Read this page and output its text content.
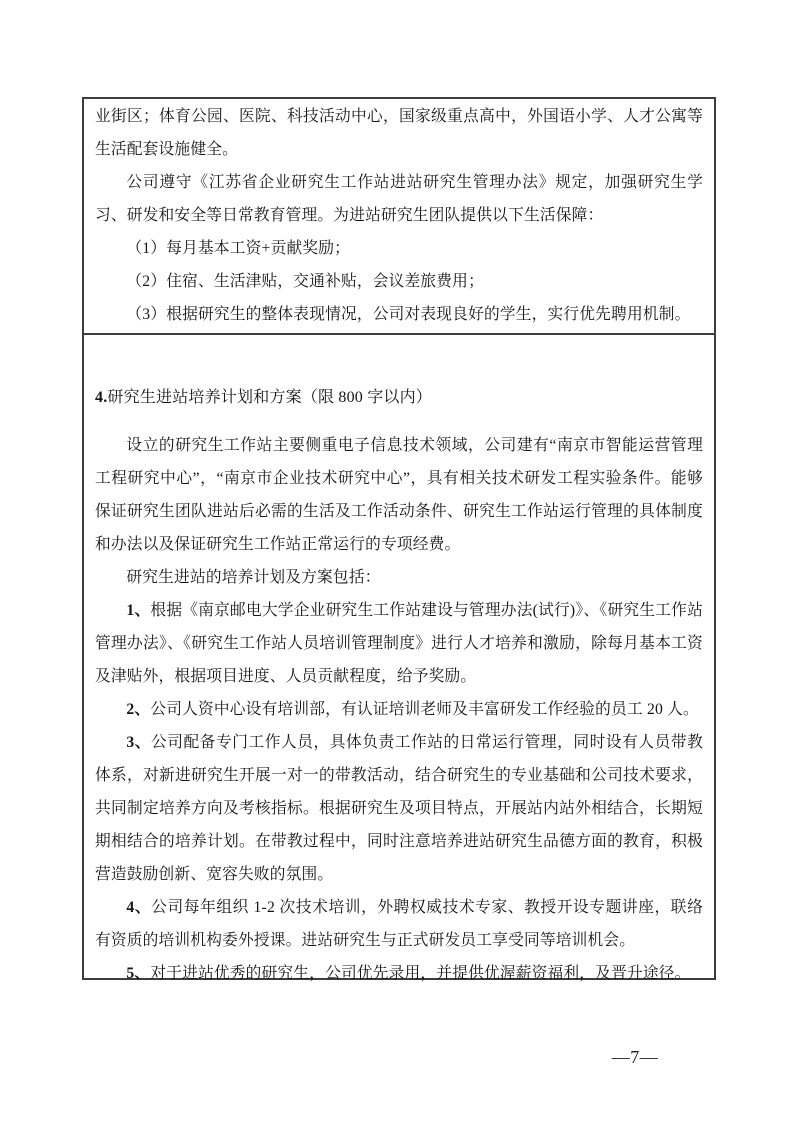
业街区；体育公园、医院、科技活动中心，国家级重点高中，外国语小学、人才公寓等生活配套设施健全。

公司遵守《江苏省企业研究生工作站进站研究生管理办法》规定，加强研究生学习、研发和安全等日常教育管理。为进站研究生团队提供以下生活保障：

（1）每月基本工资+贡献奖励；

（2）住宿、生活津贴，交通补贴，会议差旅费用；

（3）根据研究生的整体表现情况，公司对表现良好的学生，实行优先聘用机制。

4.研究生进站培养计划和方案（限 800 字以内）

设立的研究生工作站主要侧重电子信息技术领域，公司建有“南京市智能运营管理工程研究中心”，“南京市企业技术研究中心”，具有相关技术研发工程实验条件。能够保证研究生团队进站后必需的生活及工作活动条件、研究生工作站运行管理的具体制度和办法以及保证研究生工作站正常运行的专项经费。

研究生进站的培养计划及方案包括：

1、根据《南京邮电大学企业研究生工作站建设与管理办法(试行)》、《研究生工作站管理办法》、《研究生工作站人员培训管理制度》进行人才培养和激励，除每月基本工资及津贴外，根据项目进度、人员贡献程度，给予奖励。

2、公司人资中心设有培训部，有认证培训老师及丰富研发工作经验的员工 20 人。

3、公司配备专门工作人员，具体负责工作站的日常运行管理，同时设有人员带教体系，对新进研究生开展一对一的带教活动，结合研究生的专业基础和公司技术要求，共同制定培养方向及考核指标。根据研究生及项目特点，开展站内站外相结合，长期短期相结合的培养计划。在带教过程中，同时注意培养进站研究生品德方面的教育，积极营造鼓励创新、宽容失败的氛围。

4、公司每年组织 1-2 次技术培训，外聘权威技术专家、教授开设专题讲座，联络有资质的培训机构委外授课。进站研究生与正式研发员工享受同等培训机会。

5、对于进站优秀的研究生，公司优先录用，并提供优渥薪资福利，及晋升途径。

—7—
